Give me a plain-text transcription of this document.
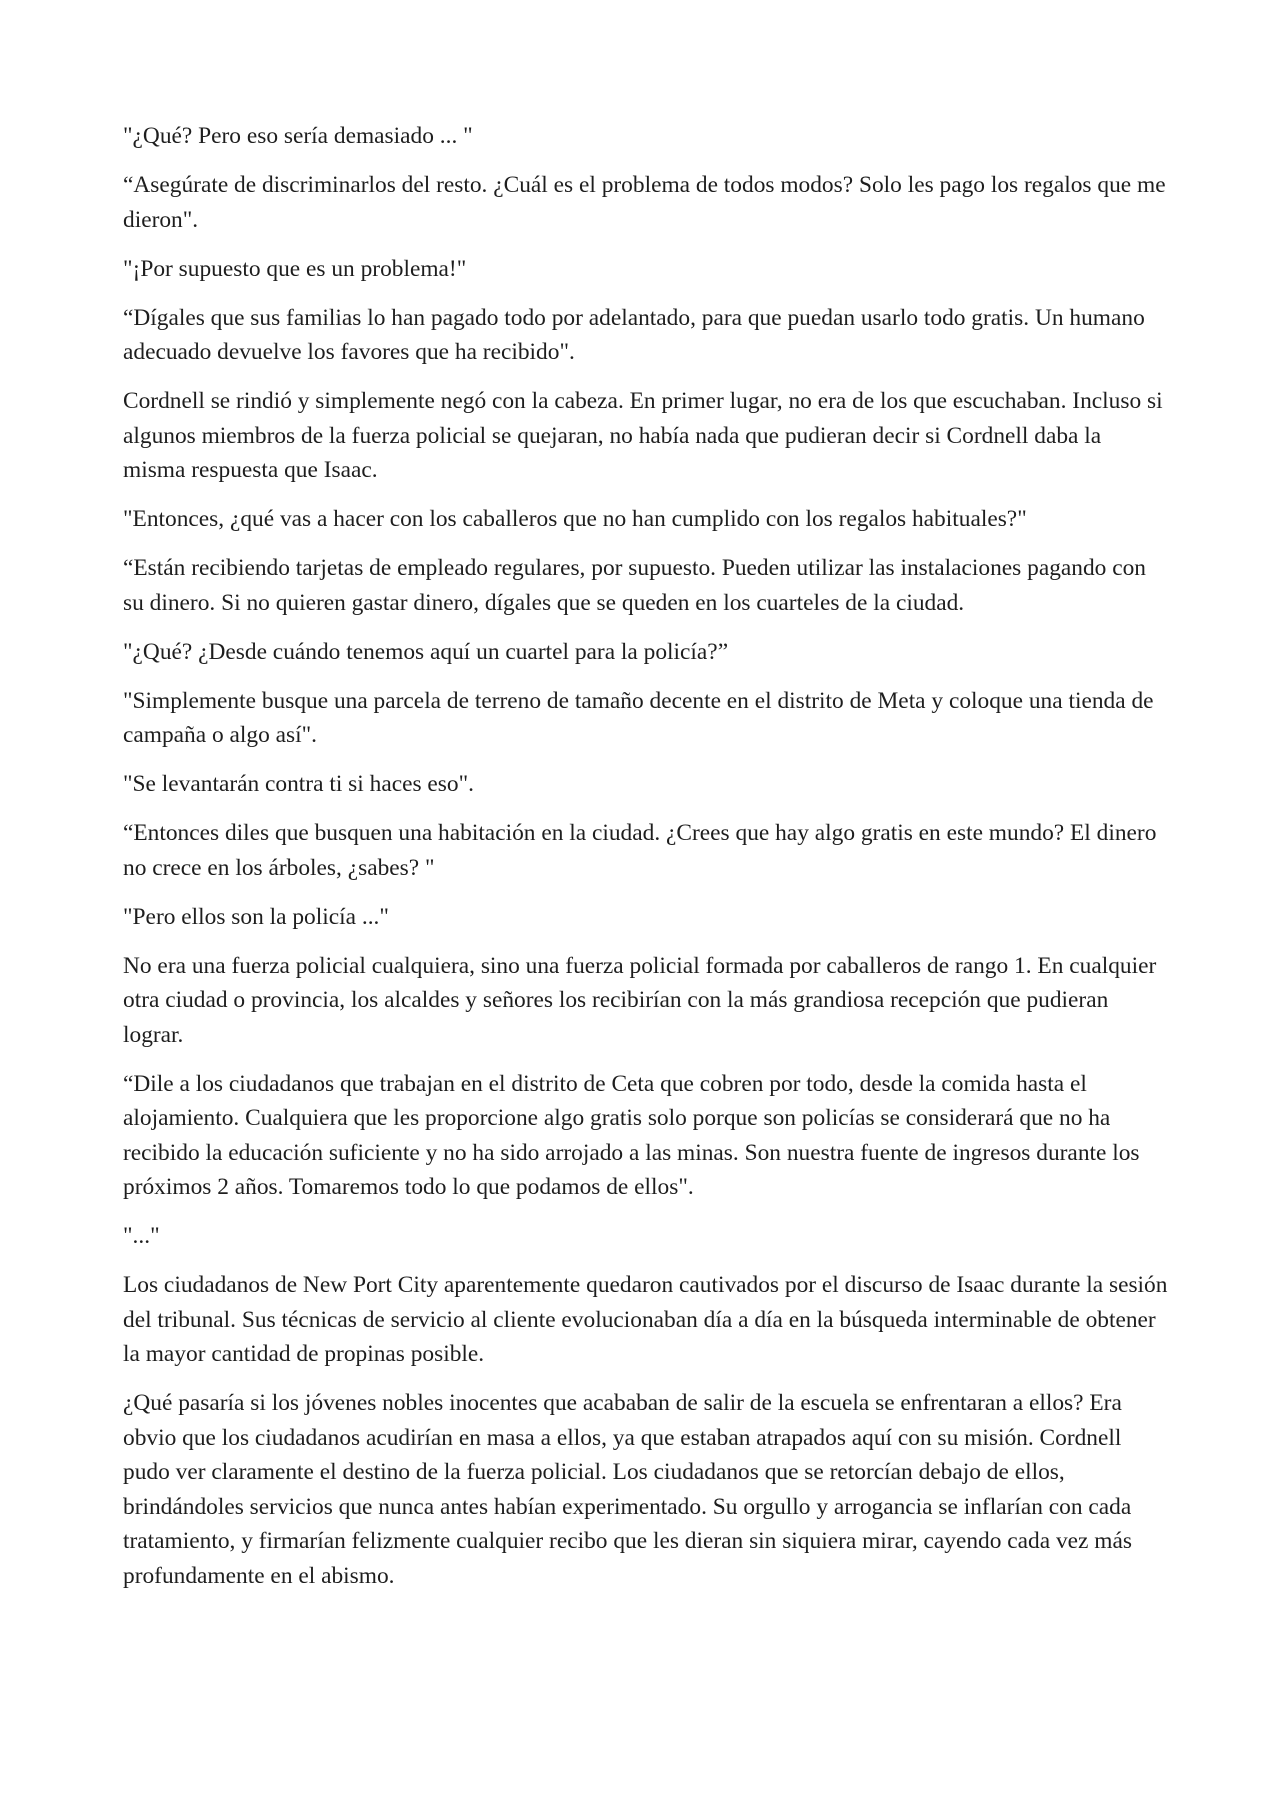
"¿Qué? Pero eso sería demasiado ... "

“Asegúrate de discriminarlos del resto. ¿Cuál es el problema de todos modos? Solo les pago los regalos que me dieron".

"¡Por supuesto que es un problema!"

“Dígales que sus familias lo han pagado todo por adelantado, para que puedan usarlo todo gratis. Un humano adecuado devuelve los favores que ha recibido".

Cordnell se rindió y simplemente negó con la cabeza. En primer lugar, no era de los que escuchaban. Incluso si algunos miembros de la fuerza policial se quejaran, no había nada que pudieran decir si Cordnell daba la misma respuesta que Isaac.

"Entonces, ¿qué vas a hacer con los caballeros que no han cumplido con los regalos habituales?"

“Están recibiendo tarjetas de empleado regulares, por supuesto. Pueden utilizar las instalaciones pagando con su dinero. Si no quieren gastar dinero, dígales que se queden en los cuarteles de la ciudad.

"¿Qué? ¿Desde cuándo tenemos aquí un cuartel para la policía?”

"Simplemente busque una parcela de terreno de tamaño decente en el distrito de Meta y coloque una tienda de campaña o algo así".

"Se levantarán contra ti si haces eso".

“Entonces diles que busquen una habitación en la ciudad. ¿Crees que hay algo gratis en este mundo? El dinero no crece en los árboles, ¿sabes? "

"Pero ellos son la policía ..."

No era una fuerza policial cualquiera, sino una fuerza policial formada por caballeros de rango 1. En cualquier otra ciudad o provincia, los alcaldes y señores los recibirían con la más grandiosa recepción que pudieran lograr.

“Dile a los ciudadanos que trabajan en el distrito de Ceta que cobren por todo, desde la comida hasta el alojamiento. Cualquiera que les proporcione algo gratis solo porque son policías se considerará que no ha recibido la educación suficiente y no ha sido arrojado a las minas. Son nuestra fuente de ingresos durante los próximos 2 años. Tomaremos todo lo que podamos de ellos".

"..."

Los ciudadanos de New Port City aparentemente quedaron cautivados por el discurso de Isaac durante la sesión del tribunal. Sus técnicas de servicio al cliente evolucionaban día a día en la búsqueda interminable de obtener la mayor cantidad de propinas posible.

¿Qué pasaría si los jóvenes nobles inocentes que acababan de salir de la escuela se enfrentaran a ellos? Era obvio que los ciudadanos acudirían en masa a ellos, ya que estaban atrapados aquí con su misión. Cordnell pudo ver claramente el destino de la fuerza policial. Los ciudadanos que se retorcían debajo de ellos, brindándoles servicios que nunca antes habían experimentado. Su orgullo y arrogancia se inflarían con cada tratamiento, y firmarían felizmente cualquier recibo que les dieran sin siquiera mirar, cayendo cada vez más profundamente en el abismo.
